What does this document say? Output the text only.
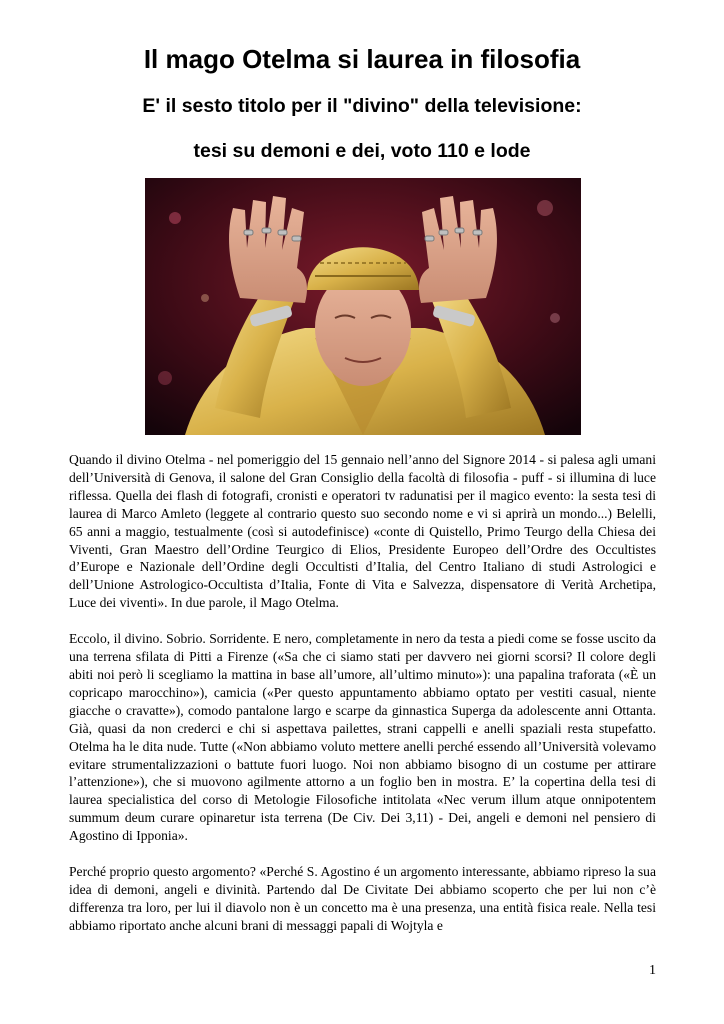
Il mago Otelma si laurea in filosofia
E' il sesto titolo per il "divino" della televisione:
tesi su demoni e dei, voto 110 e lode

Quando il divino Otelma - nel pomeriggio del 15 gennaio nell’anno del Signore 2014 - si palesa agli umani dell’Università di Genova, il salone del Gran Consiglio della facoltà di filosofia - puff - si illumina di luce riflessa. Quella dei flash di fotografi, cronisti e operatori tv radunatisi per il magico evento: la sesta tesi di laurea di Marco Amleto (leggete al contrario questo suo secondo nome e vi si aprirà un mondo...) Belelli, 65 anni a maggio, testualmente (così si autodefinisce) «conte di Quistello, Primo Teurgo della Chiesa dei Viventi, Gran Maestro dell’Ordine Teurgico di Elios, Presidente Europeo dell’Ordre des Occultistes d’Europe e Nazionale dell’Ordine degli Occultisti d’Italia, del Centro Italiano di studi Astrologici e dell’Unione Astrologico-Occultista d’Italia, Fonte di Vita e Salvezza, dispensatore di Verità Archetipa, Luce dei viventi». In due parole, il Mago Otelma.

Eccolo, il divino. Sobrio. Sorridente. E nero, completamente in nero da testa a piedi come se fosse uscito da una terrena sfilata di Pitti a Firenze («Sa che ci siamo stati per davvero nei giorni scorsi? Il colore degli abiti noi però li scegliamo la mattina in base all’umore, all’ultimo minuto»): una papalina traforata («È un copricapo marocchino»), camicia («Per questo appuntamento abbiamo optato per vestiti casual, niente giacche o cravatte»), comodo pantalone largo e scarpe da ginnastica Superga da adolescente anni Ottanta. Già, quasi da non crederci e chi si aspettava pailettes, strani cappelli e anelli spaziali resta stupefatto. Otelma ha le dita nude. Tutte («Non abbiamo voluto mettere anelli perché essendo all’Università volevamo evitare strumentalizzazioni o battute fuori luogo. Noi non abbiamo bisogno di un costume per attirare l’attenzione»), che si muovono agilmente attorno a un foglio ben in mostra. E’ la copertina della tesi di laurea specialistica del corso di Metologie Filosofiche intitolata «Nec verum illum atque onnipotentem summum deum curare opinaretur ista terrena (De Civ. Dei 3,11) - Dei, angeli e demoni nel pensiero di Agostino di Ipponia».

Perché proprio questo argomento? «Perché S. Agostino é un argomento interessante, abbiamo ripreso la sua idea di demoni, angeli e divinità. Partendo dal De Civitate Dei abbiamo scoperto che per lui non c’è differenza tra loro, per lui il diavolo non è un concetto ma è una presenza, una entità fisica reale. Nella tesi abbiamo riportato anche alcuni brani di messaggi papali di Wojtyla e

1
